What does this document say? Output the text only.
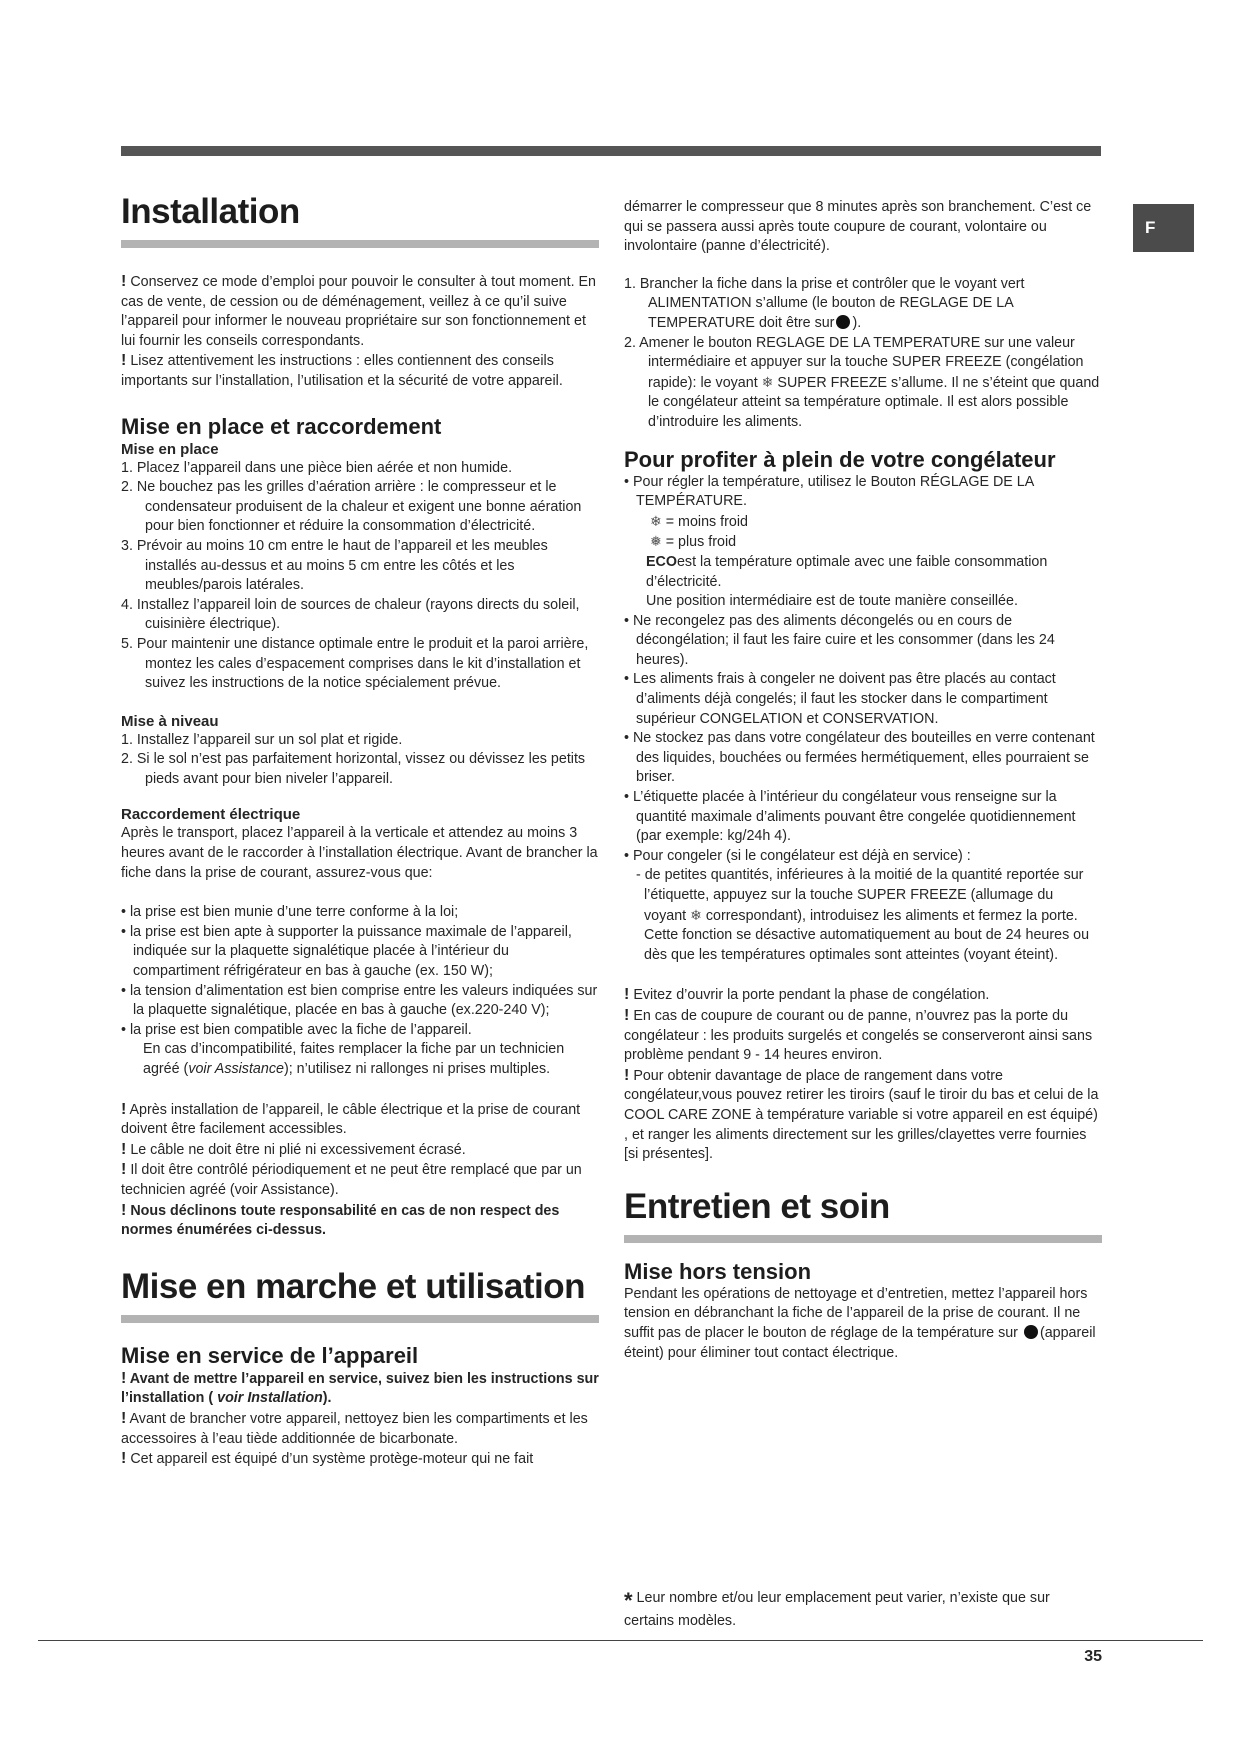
F
Installation

! Conservez ce mode d’emploi pour pouvoir le consulter à tout moment. En cas de vente, de cession ou de déménagement, veillez à ce qu’il suive l’appareil pour informer le nouveau propriétaire sur son fonctionnement et lui fournir les conseils correspondants.

! Lisez attentivement les instructions : elles contiennent des conseils importants sur l’installation, l’utilisation et la sécurité de votre appareil.

Mise en place et raccordement
Mise en place

1. Placez l’appareil dans une pièce bien aérée et non humide.

2. Ne bouchez pas les grilles d’aération arrière : le compresseur et le condensateur produisent de la chaleur et exigent une bonne aération pour bien fonctionner et réduire la consommation d’électricité.

3. Prévoir au moins 10 cm entre le haut de l’appareil et les meubles installés au-dessus et au moins 5 cm entre les côtés et les meubles/parois latérales.

4. Installez l’appareil loin de sources de chaleur (rayons directs du soleil, cuisinière électrique).

5. Pour maintenir une distance optimale entre le produit et la paroi arrière, montez les cales d’espacement comprises dans le kit d’installation et suivez les instructions de la notice spécialement prévue.

Mise à niveau

1. Installez l’appareil sur un sol plat et rigide.

2. Si le sol n’est pas parfaitement horizontal, vissez ou dévissez les petits pieds avant pour bien niveler l’appareil.

Raccordement électrique

Après le transport, placez l’appareil à la verticale et attendez au moins 3 heures avant de le raccorder à l’installation électrique. Avant de brancher la fiche dans la prise de courant, assurez-vous que:

• la prise est bien munie d’une terre conforme à la loi;

• la prise est bien apte à supporter la puissance maximale de l’appareil, indiquée sur la plaquette signalétique placée à l’intérieur du compartiment réfrigérateur en bas à gauche (ex. 150 W);

• la tension d’alimentation est bien comprise entre les valeurs indiquées sur la plaquette signalétique, placée en bas à gauche (ex.220-240 V);

• la prise est bien compatible avec la fiche de l’appareil.

En cas d’incompatibilité, faites remplacer la fiche par un technicien agréé (voir Assistance); n’utilisez ni rallonges ni prises multiples.

! Après installation de l’appareil, le câble électrique et la prise de courant doivent être facilement accessibles.

! Le câble ne doit être ni plié ni excessivement écrasé.

! Il doit être contrôlé périodiquement et ne peut être remplacé que par un technicien agréé (voir Assistance).

! Nous déclinons toute responsabilité en cas de non respect des normes énumérées ci-dessus.

Mise en marche et utilisation
Mise en service de l’appareil

! Avant de mettre l’appareil en service, suivez bien les instructions sur l’installation ( voir Installation).

! Avant de brancher votre appareil, nettoyez bien les compartiments et les accessoires à l’eau tiède additionnée de bicarbonate.

! Cet appareil est équipé d’un système protège-moteur qui ne fait

démarrer le compresseur que 8 minutes après son branchement. C’est ce qui se passera aussi après toute coupure de courant, volontaire ou involontaire (panne d’électricité).

1. Brancher la fiche dans la prise et contrôler que le voyant vert ALIMENTATION s’allume (le bouton de REGLAGE DE LA TEMPERATURE doit être sur ).

2. Amener le bouton REGLAGE DE LA TEMPERATURE sur une valeur intermédiaire et appuyer sur la touche SUPER FREEZE (congélation rapide): le voyant ❄ SUPER FREEZE s’allume. Il ne s’éteint que quand le congélateur atteint sa température optimale. Il est alors possible d’introduire les aliments.

Pour profiter à plein de votre congélateur

• Pour régler la température, utilisez le Bouton RÉGLAGE DE LA TEMPÉRATURE.

❄ = moins froid

❅ = plus froid

ECOest la température optimale avec une faible consommation d’électricité.

Une position intermédiaire est de toute manière conseillée.

• Ne recongelez pas des aliments décongelés ou en cours de décongélation; il faut les faire cuire et les consommer (dans les 24 heures).

• Les aliments frais à congeler ne doivent pas être placés au contact d’aliments déjà congelés; il faut les stocker dans le compartiment supérieur CONGELATION et CONSERVATION.

• Ne stockez pas dans votre congélateur des bouteilles en verre contenant des liquides, bouchées ou fermées hermétiquement, elles pourraient se briser.

• L’étiquette placée à l’intérieur du congélateur vous renseigne sur la quantité maximale d’aliments pouvant être congelée quotidiennement (par exemple: kg/24h 4).

• Pour congeler (si le congélateur est déjà en service) :

- de petites quantités, inférieures à la moitié de la quantité reportée sur l’étiquette, appuyez sur la touche SUPER FREEZE (allumage du voyant ❄ correspondant), introduisez les aliments et fermez la porte. Cette fonction se désactive automatiquement au bout de 24 heures ou dès que les températures optimales sont atteintes (voyant éteint).

! Evitez d’ouvrir la porte pendant la phase de congélation.

! En cas de coupure de courant ou de panne, n’ouvrez pas la porte du congélateur : les produits surgelés et congelés se conserveront ainsi sans problème pendant 9 - 14 heures environ.

! Pour obtenir davantage de place de rangement dans votre congélateur,vous pouvez retirer les tiroirs (sauf le tiroir du bas et celui de la COOL CARE ZONE à température variable si votre appareil en est équipé) , et ranger les aliments directement sur les grilles/clayettes verre fournies [si présentes].

Entretien et soin
Mise hors tension

Pendant les opérations de nettoyage et d’entretien, mettez l’appareil hors tension en débranchant la fiche de l’appareil de la prise de courant. Il ne suffit pas de placer le bouton de réglage de la température sur (appareil éteint) pour éliminer tout contact électrique.

* Leur nombre et/ou leur emplacement peut varier, n’existe que sur certains modèles.
35
